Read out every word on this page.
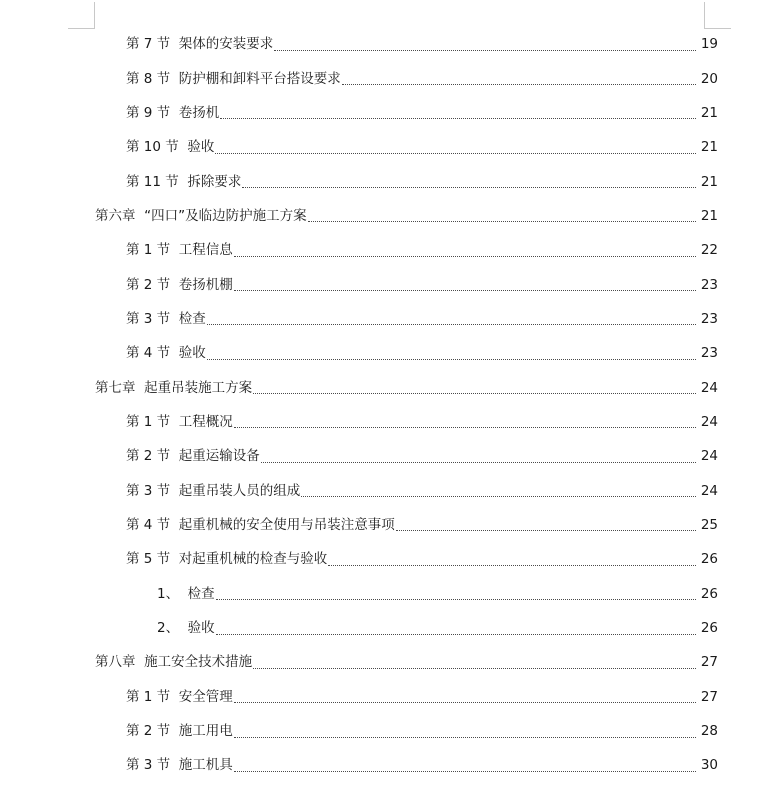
第 7 节  架体的安装要求	19
第 8 节  防护棚和卸料平台搭设要求	20
第 9 节  卷扬机	21
第 10 节  验收	21
第 11 节  拆除要求	21
第六章  “四口”及临边防护施工方案	21
第 1 节  工程信息	22
第 2 节  卷扬机棚	23
第 3 节  检查	23
第 4 节  验收	23
第七章  起重吊装施工方案	24
第 1 节  工程概况	24
第 2 节  起重运输设备	24
第 3 节  起重吊装人员的组成	24
第 4 节  起重机械的安全使用与吊装注意事项	25
第 5 节  对起重机械的检查与验收	26
1、  检查	26
2、  验收	26
第八章  施工安全技术措施	27
第 1 节  安全管理	27
第 2 节  施工用电	28
第 3 节  施工机具	30
